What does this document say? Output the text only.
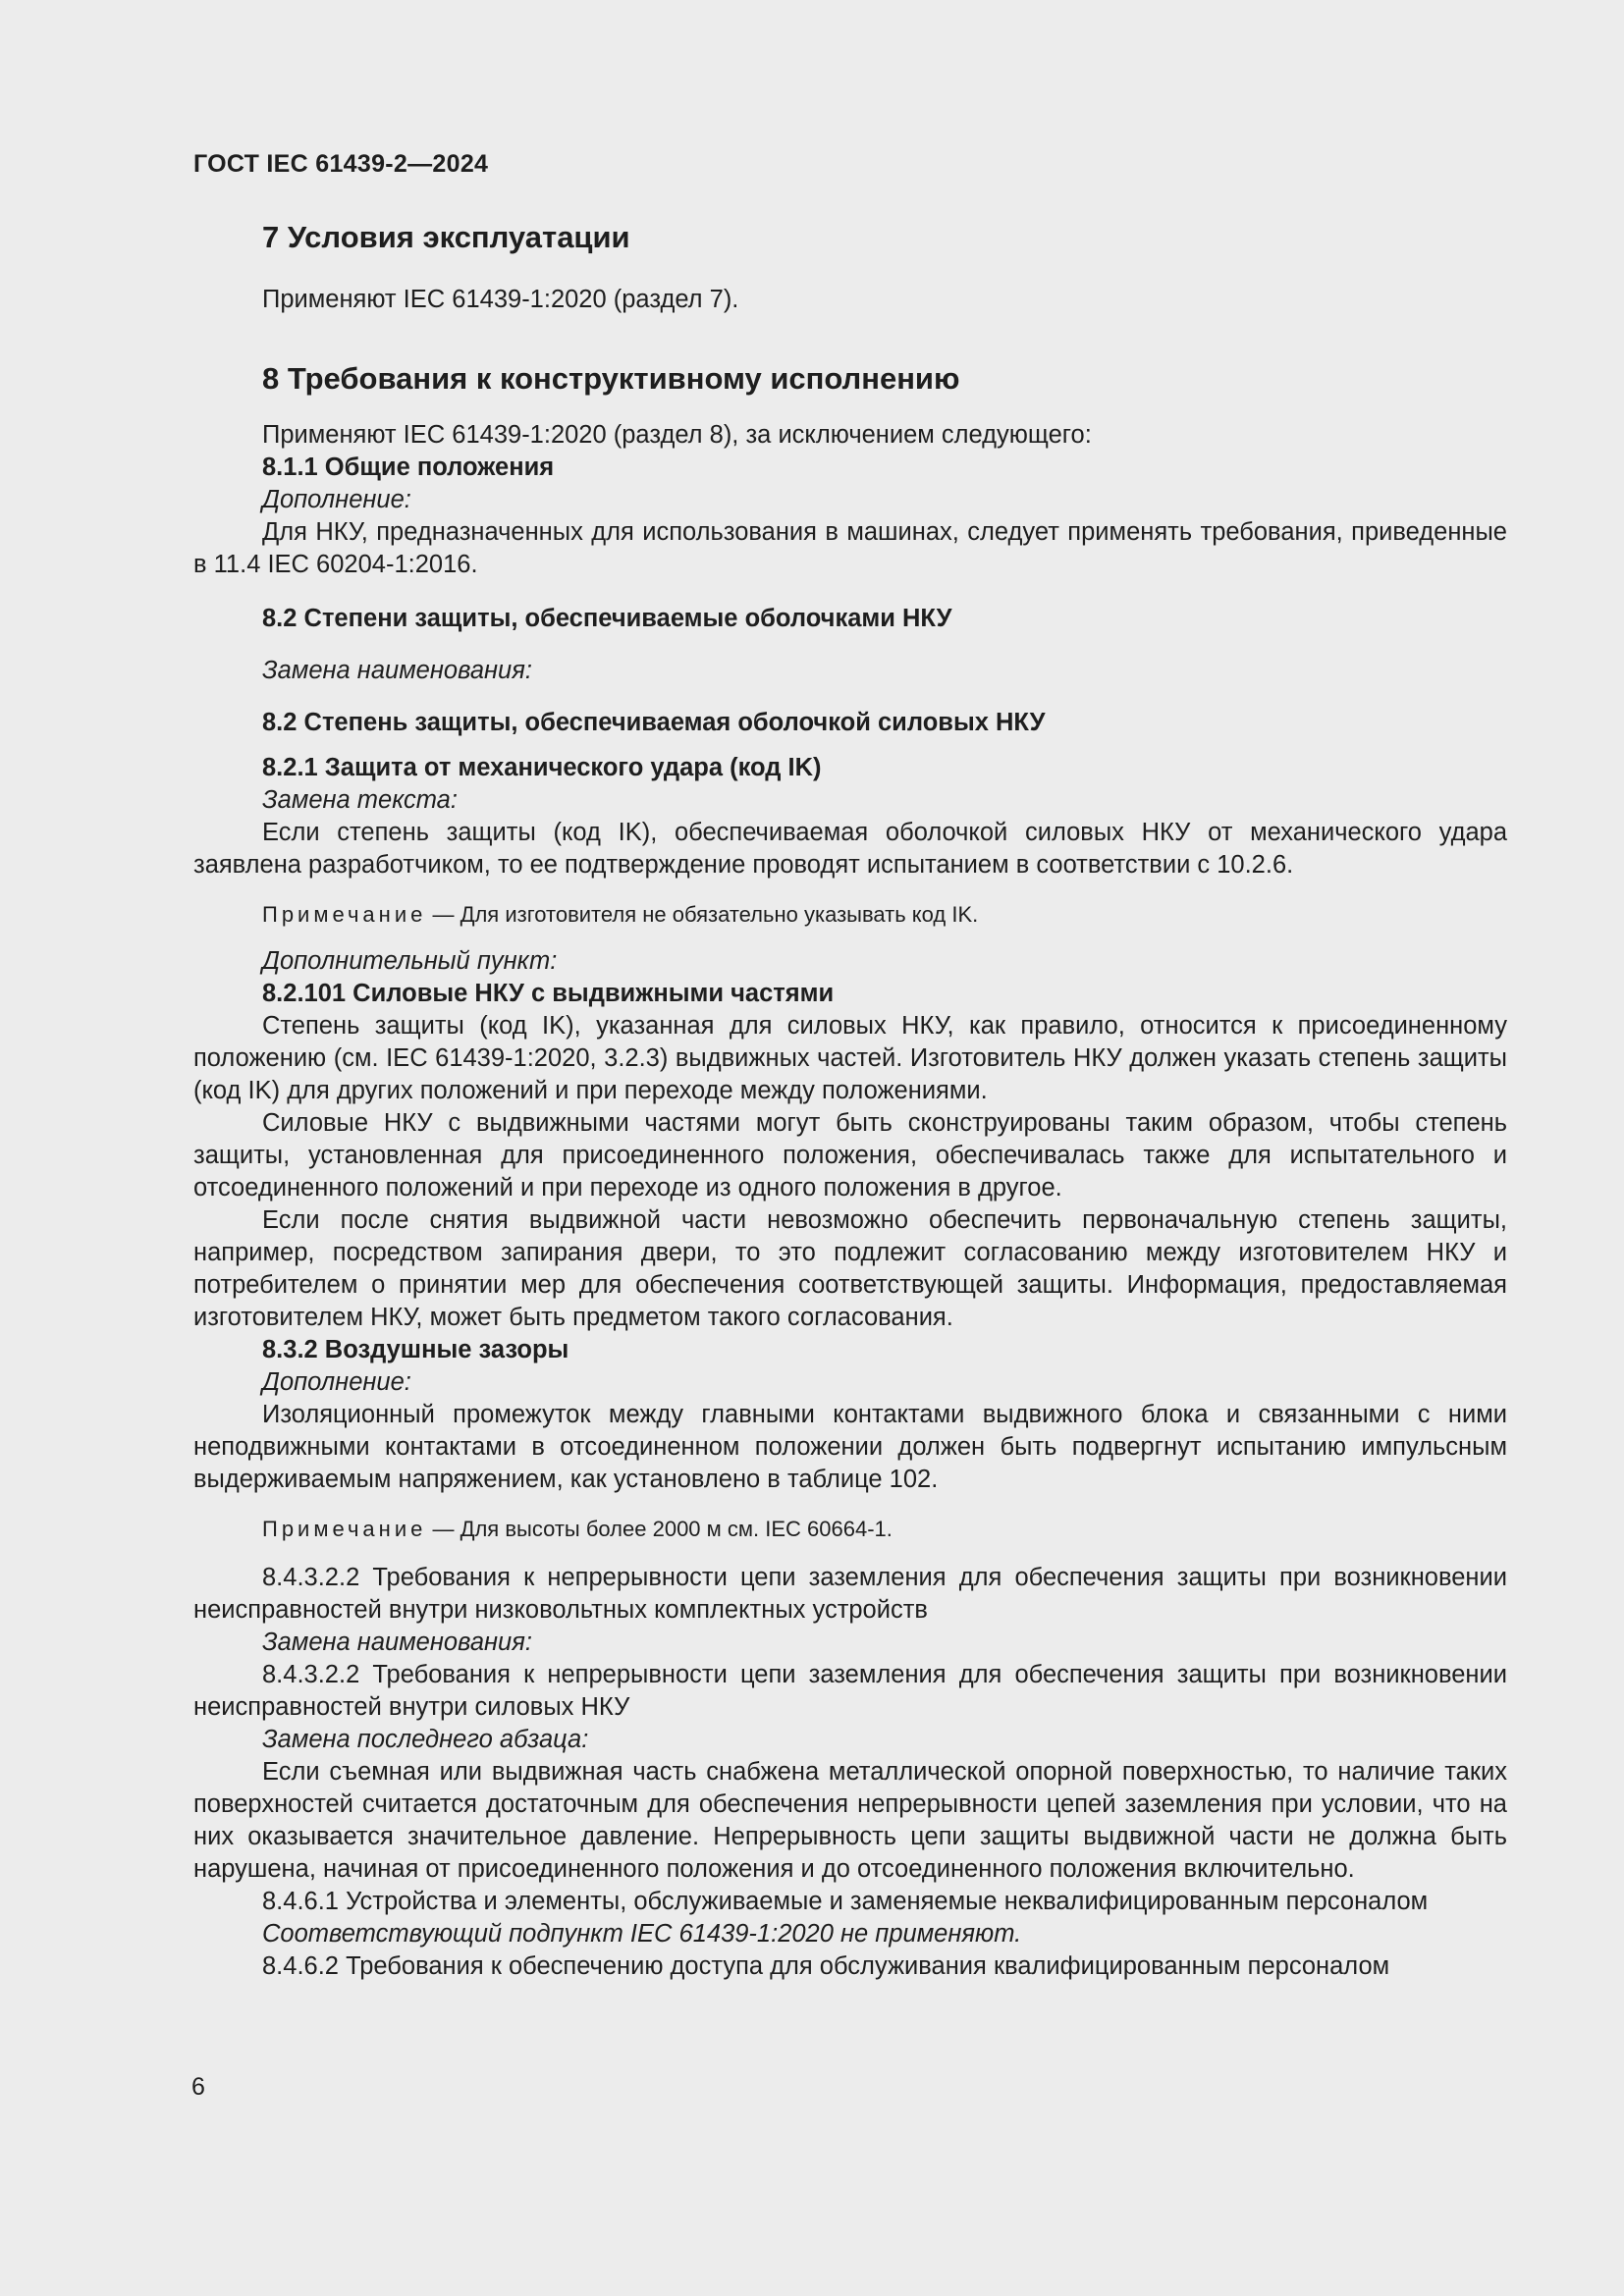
ГОСТ IEC 61439-2—2024

7 Условия эксплуатации

Применяют IEC 61439-1:2020 (раздел 7).

8 Требования к конструктивному исполнению

Применяют IEC 61439-1:2020 (раздел 8), за исключением следующего:

8.1.1 Общие положения

Дополнение:

Для НКУ, предназначенных для использования в машинах, следует применять требования, приведенные в 11.4 IEC 60204-1:2016.

8.2 Степени защиты, обеспечиваемые оболочками НКУ

Замена наименования:

8.2 Степень защиты, обеспечиваемая оболочкой силовых НКУ

8.2.1 Защита от механического удара (код IK)

Замена текста:

Если степень защиты (код IK), обеспечиваемая оболочкой силовых НКУ от механического удара заявлена разработчиком, то ее подтверждение проводят испытанием в соответствии с 10.2.6.

Примечание — Для изготовителя не обязательно указывать код IK.

Дополнительный пункт:

8.2.101 Силовые НКУ с выдвижными частями

Степень защиты (код IK), указанная для силовых НКУ, как правило, относится к присоединенному положению (см. IEC 61439-1:2020, 3.2.3) выдвижных частей. Изготовитель НКУ должен указать степень защиты (код IK) для других положений и при переходе между положениями.

Силовые НКУ с выдвижными частями могут быть сконструированы таким образом, чтобы степень защиты, установленная для присоединенного положения, обеспечивалась также для испытательного и отсоединенного положений и при переходе из одного положения в другое.

Если после снятия выдвижной части невозможно обеспечить первоначальную степень защиты, например, посредством запирания двери, то это подлежит согласованию между изготовителем НКУ и потребителем о принятии мер для обеспечения соответствующей защиты. Информация, предоставляемая изготовителем НКУ, может быть предметом такого согласования.

8.3.2 Воздушные зазоры

Дополнение:

Изоляционный промежуток между главными контактами выдвижного блока и связанными с ними неподвижными контактами в отсоединенном положении должен быть подвергнут испытанию импульсным выдерживаемым напряжением, как установлено в таблице 102.

Примечание — Для высоты более 2000 м см. IEC 60664-1.

8.4.3.2.2 Требования к непрерывности цепи заземления для обеспечения защиты при возникновении неисправностей внутри низковольтных комплектных устройств

Замена наименования:

8.4.3.2.2 Требования к непрерывности цепи заземления для обеспечения защиты при возникновении неисправностей внутри силовых НКУ

Замена последнего абзаца:

Если съемная или выдвижная часть снабжена металлической опорной поверхностью, то наличие таких поверхностей считается достаточным для обеспечения непрерывности цепей заземления при условии, что на них оказывается значительное давление. Непрерывность цепи защиты выдвижной части не должна быть нарушена, начиная от присоединенного положения и до отсоединенного положения включительно.

8.4.6.1 Устройства и элементы, обслуживаемые и заменяемые неквалифицированным персоналом

Соответствующий подпункт IEC 61439-1:2020 не применяют.

8.4.6.2 Требования к обеспечению доступа для обслуживания квалифицированным персоналом

6
